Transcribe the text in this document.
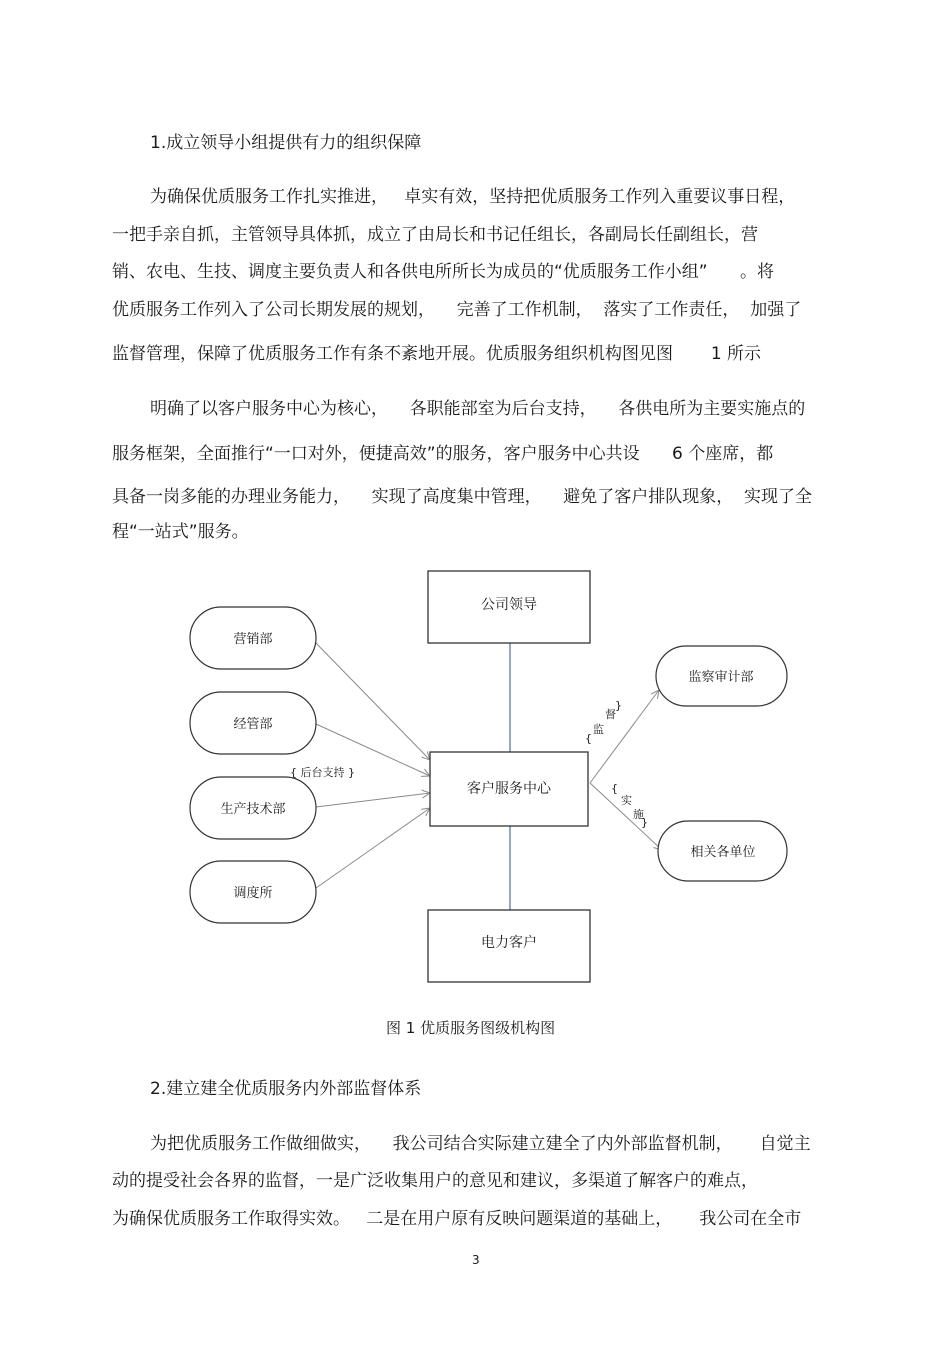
1.成立领导小组提供有力的组织保障
为确保优质服务工作扎实推进，   卓实有效，坚持把优质服务工作列入重要议事日程，
一把手亲自抓，主管领导具体抓，成立了由局长和书记任组长，各副局长任副组长，营
销、农电、生技、调度主要负责人和各供电所所长为成员的“优质服务工作小组”      。将
优质服务工作列入了公司长期发展的规划，    完善了工作机制，  落实了工作责任，  加强了
监督管理，保障了优质服务工作有条不紊地开展。优质服务组织机构图见图       1 所示
明确了以客户服务中心为核心，    各职能部室为后台支持，    各供电所为主要实施点的
服务框架，全面推行“一口对外，便捷高效”的服务，客户服务中心共设      6 个座席，都
具备一岗多能的办理业务能力，    实现了高度集中管理，    避免了客户排队现象，  实现了全
程“一站式”服务。
公司领导
客户服务中心
电力客户
营销部
经管部
生产技术部
调度所
监察审计部
相关各单位
{ 后台支持 }
{
监
督
}
{
实
施
}
图 1 优质服务图级机构图
2.建立建全优质服务内外部监督体系
为把优质服务工作做细做实，    我公司结合实际建立建全了内外部监督机制，     自觉主
动的提受社会各界的监督，一是广泛收集用户的意见和建议，多渠道了解客户的难点，
为确保优质服务工作取得实效。   二是在用户原有反映问题渠道的基础上，     我公司在全市
3
